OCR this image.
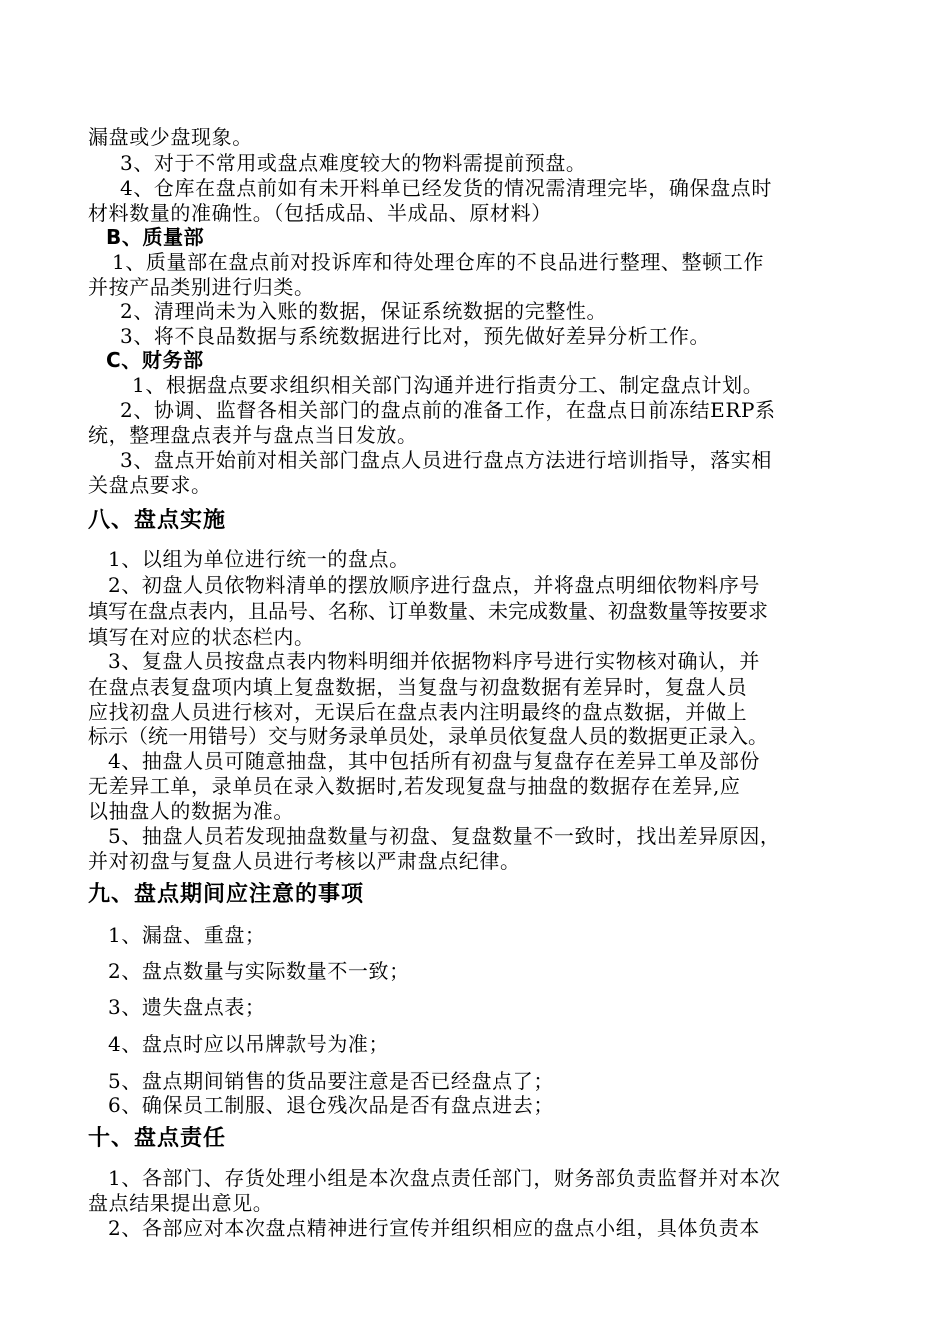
漏盘或少盘现象。
3、对于不常用或盘点难度较大的物料需提前预盘。
4、仓库在盘点前如有未开料单已经发货的情况需清理完毕，确保盘点时
材料数量的准确性。（包括成品、半成品、原材料）
B、质量部
1、质量部在盘点前对投诉库和待处理仓库的不良品进行整理、整顿工作
并按产品类别进行归类。
2、清理尚未为入账的数据，保证系统数据的完整性。
3、将不良品数据与系统数据进行比对，预先做好差异分析工作。
C、财务部
1、根据盘点要求组织相关部门沟通并进行指责分工、制定盘点计划。
2、协调、监督各相关部门的盘点前的准备工作，在盘点日前冻结ERP系
统，整理盘点表并与盘点当日发放。
3、盘点开始前对相关部门盘点人员进行盘点方法进行培训指导，落实相
关盘点要求。
八、盘点实施
1、以组为单位进行统一的盘点。
2、初盘人员依物料清单的摆放顺序进行盘点，并将盘点明细依物料序号
填写在盘点表内，且品号、名称、订单数量、未完成数量、初盘数量等按要求
填写在对应的状态栏内。
3、复盘人员按盘点表内物料明细并依据物料序号进行实物核对确认，并
在盘点表复盘项内填上复盘数据，当复盘与初盘数据有差异时，复盘人员
应找初盘人员进行核对，无误后在盘点表内注明最终的盘点数据，并做上
标示（统一用错号）交与财务录单员处，录单员依复盘人员的数据更正录入。
4、抽盘人员可随意抽盘，其中包括所有初盘与复盘存在差异工单及部份
无差异工单，录单员在录入数据时,若发现复盘与抽盘的数据存在差异,应
以抽盘人的数据为准。
5、抽盘人员若发现抽盘数量与初盘、复盘数量不一致时，找出差异原因，
并对初盘与复盘人员进行考核以严肃盘点纪律。
九、盘点期间应注意的事项
1、漏盘、重盘；
2、盘点数量与实际数量不一致；
3、遗失盘点表；
4、盘点时应以吊牌款号为准；
5、盘点期间销售的货品要注意是否已经盘点了；
6、确保员工制服、退仓残次品是否有盘点进去；
十、盘点责任
1、各部门、存货处理小组是本次盘点责任部门，财务部负责监督并对本次
盘点结果提出意见。
2、各部应对本次盘点精神进行宣传并组织相应的盘点小组，具体负责本
